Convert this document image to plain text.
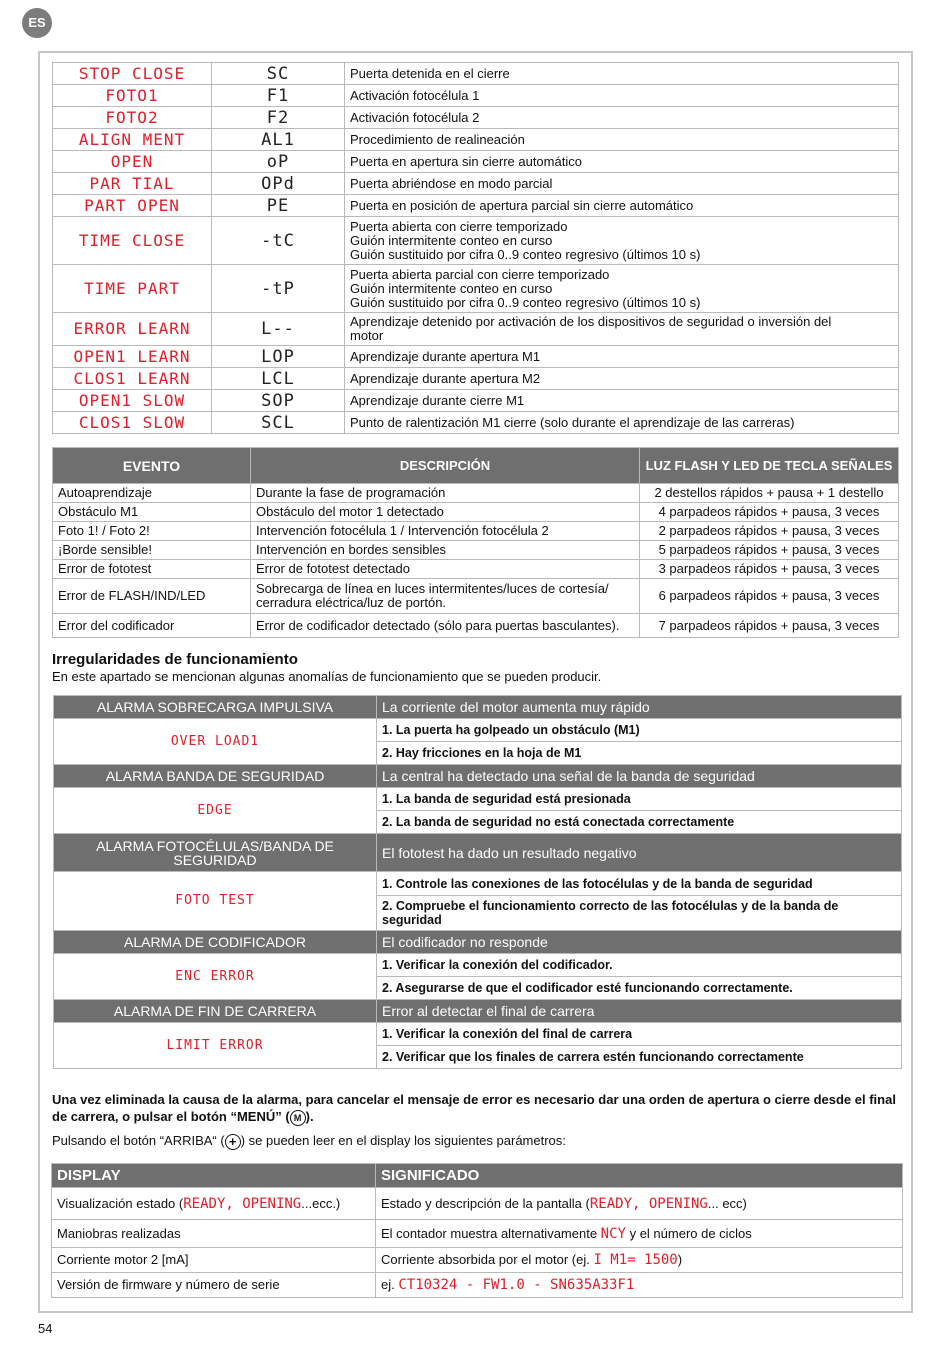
ES
STOP CLOSE	SC	Puerta detenida en el cierre

FOTO1	F1	Activación fotocélula 1

FOTO2	F2	Activación fotocélula 2

ALIGN MENT	AL1	Procedimiento de realineación

OPEN	oP	Puerta en apertura sin cierre automático

PAR TIAL	OPd	Puerta abriéndose en modo parcial

PART OPEN	PE	Puerta en posición de apertura parcial sin cierre automático

TIME CLOSE	-tC	Puerta abierta con cierre temporizado
Guión intermitente conteo en curso
Guión sustituido por cifra 0..9 conteo regresivo (últimos 10 s)

TIME PART	-tP	Puerta abierta parcial con cierre temporizado
Guión intermitente conteo en curso
Guión sustituido por cifra 0..9 conteo regresivo (últimos 10 s)

ERROR LEARN	L--	Aprendizaje detenido por activación de los dispositivos de seguridad o inversión del
motor

OPEN1 LEARN	LOP	Aprendizaje durante apertura M1

CLOS1 LEARN	LCL	Aprendizaje durante apertura M2

OPEN1 SLOW	SOP	Aprendizaje durante cierre M1

CLOS1 SLOW	SCL	Punto de ralentización M1 cierre (solo durante el aprendizaje de las carreras)
EVENTO	DESCRIPCIÓN	LUZ FLASH Y LED DE TECLA SEÑALES
Autoaprendizaje	Durante la fase de programación	2 destellos rápidos + pausa + 1 destello
Obstáculo M1	Obstáculo del motor 1 detectado	4 parpadeos rápidos + pausa, 3 veces
Foto 1! / Foto 2!	Intervención fotocélula 1 / Intervención fotocélula 2	2 parpadeos rápidos + pausa, 3 veces
¡Borde sensible!	Intervención en bordes sensibles	5 parpadeos rápidos + pausa, 3 veces
Error de fototest	Error de fototest detectado	3 parpadeos rápidos + pausa, 3 veces
Error de FLASH/IND/LED	Sobrecarga de línea en luces intermitentes/luces de cortesía/ cerradura eléctrica/luz de portón.	6 parpadeos rápidos + pausa, 3 veces
Error del codificador	Error de codificador detectado (sólo para puertas basculantes).	7 parpadeos rápidos + pausa, 3 veces
Irregularidades de funcionamiento
En este apartado se mencionan algunas anomalías de funcionamiento que se pueden producir.
ALARMA SOBRECARGA IMPULSIVA	La corriente del motor aumenta muy rápido
OVER LOAD1	1. La puerta ha golpeado un obstáculo (M1)
	2. Hay fricciones en la hoja de M1
ALARMA BANDA DE SEGURIDAD	La central ha detectado una señal de la banda de seguridad
EDGE	1. La banda de seguridad está presionada
	2. La banda de seguridad no está conectada correctamente
ALARMA FOTOCÉLULAS/BANDA DE SEGURIDAD	El fototest ha dado un resultado negativo
FOTO TEST	1. Controle las conexiones de las fotocélulas y de la banda de seguridad
	2. Compruebe el funcionamiento correcto de las fotocélulas y de la banda de seguridad
ALARMA DE CODIFICADOR	El codificador no responde
ENC ERROR	1. Verificar la conexión del codificador.
	2. Asegurarse de que el codificador esté funcionando correctamente.
ALARMA DE FIN DE CARRERA	Error al detectar el final de carrera
LIMIT ERROR	1. Verificar la conexión del final de carrera
	2. Verificar que los finales de carrera estén funcionando correctamente
Una vez eliminada la causa de la alarma, para cancelar el mensaje de error es necesario dar una orden de apertura o cierre desde el final de carrera, o pulsar el botón “MENÚ” ( M ).
Pulsando el botón “ARRIBA“ ( + ) se pueden leer en el display los siguientes parámetros:
DISPLAY	SIGNIFICADO
Visualización estado (READY, OPENING...ecc.)	Estado y descripción de la pantalla (READY, OPENING... ecc)
Maniobras realizadas	El contador muestra alternativamente NCY y el número de ciclos
Corriente motor 2 [mA]	Corriente absorbida por el motor (ej. I M1= 1500)
Versión de firmware y número de serie	ej. CT10324 - FW1.0 - SN635A33F1
54
